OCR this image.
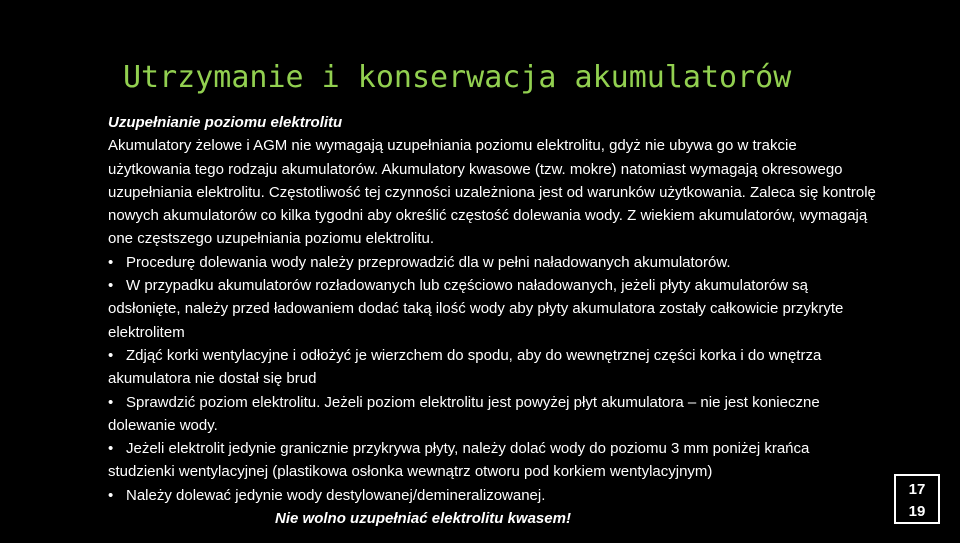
Utrzymanie i konserwacja akumulatorów

Uzupełnianie poziomu elektrolitu

Akumulatory żelowe i AGM nie wymagają uzupełniania poziomu elektrolitu, gdyż nie ubywa go w trakcie użytkowania tego rodzaju akumulatorów. Akumulatory kwasowe (tzw. mokre) natomiast wymagają okresowego uzupełniania elektrolitu. Częstotliwość tej czynności uzależniona jest od warunków użytkowania. Zaleca się kontrolę nowych akumulatorów co kilka tygodni aby określić częstość dolewania wody. Z wiekiem akumulatorów, wymagają one częstszego uzupełniania poziomu elektrolitu.

• Procedurę dolewania wody należy przeprowadzić dla w pełni naładowanych akumulatorów.

• W przypadku akumulatorów rozładowanych lub częściowo naładowanych, jeżeli płyty akumulatorów są odsłonięte, należy przed ładowaniem dodać taką ilość wody aby płyty akumulatora zostały całkowicie przykryte elektrolitem

• Zdjąć korki wentylacyjne i odłożyć je wierzchem do spodu, aby do wewnętrznej części korka i do wnętrza akumulatora nie dostał się brud

• Sprawdzić poziom elektrolitu. Jeżeli poziom elektrolitu jest powyżej płyt akumulatora – nie jest konieczne dolewanie wody.

• Jeżeli elektrolit jedynie granicznie przykrywa płyty, należy dolać wody do poziomu 3 mm poniżej krańca studzienki wentylacyjnej (plastikowa osłonka wewnątrz otworu pod korkiem wentylacyjnym)

• Należy dolewać jedynie wody destylowanej/demineralizowanej.

Nie wolno uzupełniać elektrolitu kwasem!

17
19
